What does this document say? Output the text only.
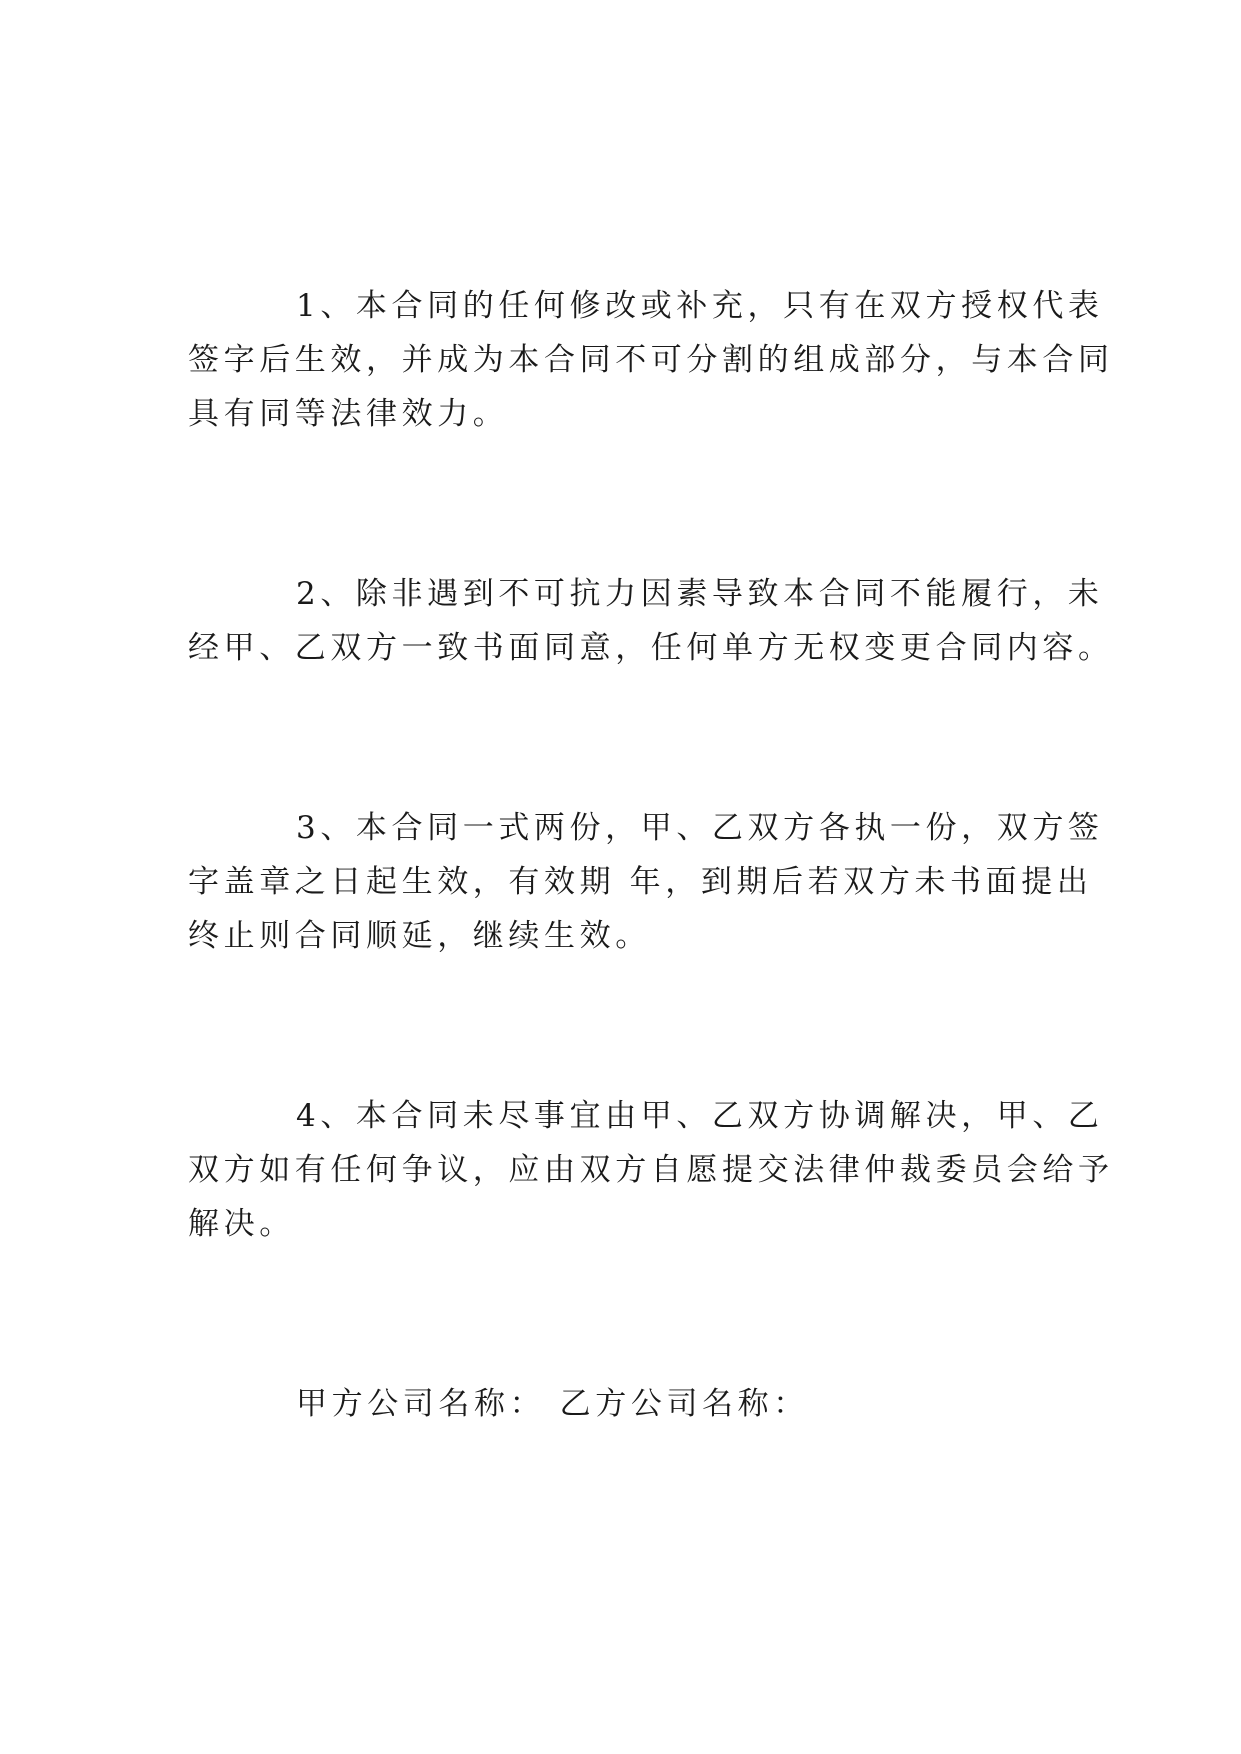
1、本合同的任何修改或补充，只有在双方授权代表
签字后生效，并成为本合同不可分割的组成部分，与本合同
具有同等法律效力。
2、除非遇到不可抗力因素导致本合同不能履行，未
经甲、乙双方一致书面同意，任何单方无权变更合同内容。
3、本合同一式两份，甲、乙双方各执一份，双方签
字盖章之日起生效，有效期 年，到期后若双方未书面提出
终止则合同顺延，继续生效。
4、本合同未尽事宜由甲、乙双方协调解决，甲、乙
双方如有任何争议，应由双方自愿提交法律仲裁委员会给予
解决。
甲方公司名称： 乙方公司名称：
